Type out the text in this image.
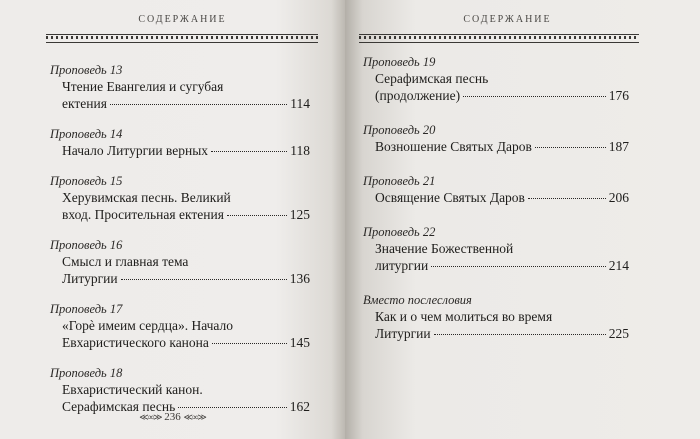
СОДЕРЖАНИЕ
Проповедь 13
Чтение Евангелия и сугубая
ектения	114
Проповедь 14
Начало Литургии верных	118
Проповедь 15
Херувимская песнь. Великий
вход. Просительная ектения	125
Проповедь 16
Смысл и главная тема
Литургии	136
Проповедь 17
«Горѐ имеим сердца». Начало
Евхаристического канона	145
Проповедь 18
Евхаристический канон.
Серафимская песнь	162
≪∞≫ 236 ≪∞≫
СОДЕРЖАНИЕ
Проповедь 19
Серафимская песнь
(продолжение)	176
Проповедь 20
Возношение Святых Даров	187
Проповедь 21
Освящение Святых Даров	206
Проповедь 22
Значение Божественной
литургии	214
Вместо послесловия
Как и о чем молиться во время
Литургии	225
